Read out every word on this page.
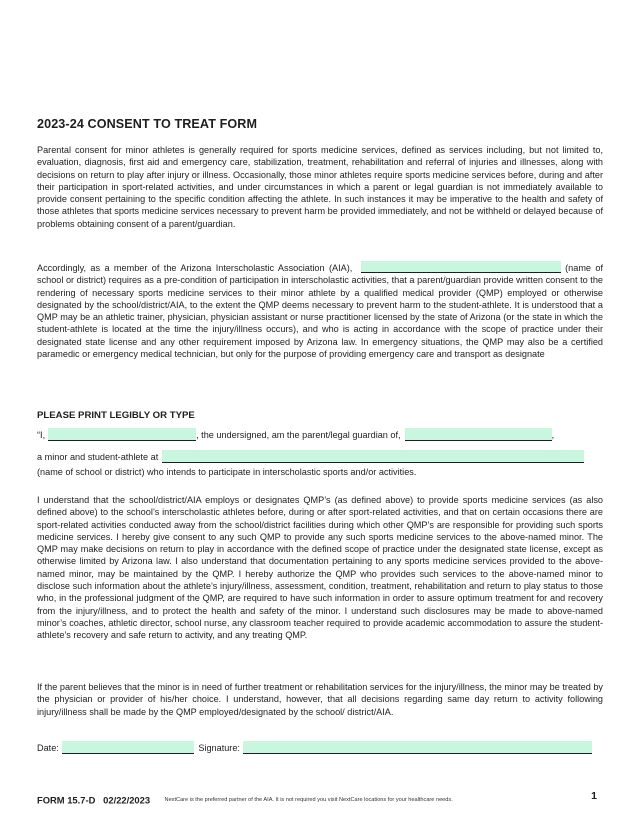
2023-24 CONSENT TO TREAT FORM

Parental consent for minor athletes is generally required for sports medicine services, defined as services including, but not limited to, evaluation, diagnosis, first aid and emergency care, stabilization, treatment, rehabilitation and referral of injuries and illnesses, along with decisions on return to play after injury or illness. Occasionally, those minor athletes require sports medicine services before, during and after their participation in sport-related activities, and under circumstances in which a parent or legal guardian is not immediately available to provide consent pertaining to the specific condition affecting the athlete. In such instances it may be imperative to the health and safety of those athletes that sports medicine services necessary to prevent harm be provided immediately, and not be withheld or delayed because of problems obtaining consent of a parent/guardian.

Accordingly, as a member of the Arizona Interscholastic Association (AIA),	(name of school or district) requires as a pre-condition of participation in interscholastic activities, that a parent/guardian provide written consent to the rendering of necessary sports medicine services to their minor athlete by a qualified medical provider (QMP) employed or otherwise designated by the school/district/AIA, to the extent the QMP deems necessary to prevent harm to the student-athlete. It is understood that a QMP may be an athletic trainer, physician, physician assistant or nurse practitioner licensed by the state of Arizona (or the state in which the student-athlete is located at the time the injury/illness occurs), and who is acting in accordance with the scope of practice under their designated state license and any other requirement imposed by Arizona law. In emergency situations, the QMP may also be a certified paramedic or emergency medical technician, but only for the purpose of providing emergency care and transport as designate

PLEASE PRINT LEGIBLY OR TYPE
“I,	, the undersigned, am the parent/legal guardian of,	,
a minor and student-athlete at
(name of school or district) who intends to participate in interscholastic sports and/or activities.

I understand that the school/district/AIA employs or designates QMP’s (as defined above) to provide sports medicine services (as also defined above) to the school’s interscholastic athletes before, during or after sport-related activities, and that on certain occasions there are sport-related activities conducted away from the school/district facilities during which other QMP’s are responsible for providing such sports medicine services. I hereby give consent to any such QMP to provide any such sports medicine services to the above-named minor. The QMP may make decisions on return to play in accordance with the defined scope of practice under the designated state license, except as otherwise limited by Arizona law. I also understand that documentation pertaining to any sports medicine services provided to the above-named minor, may be maintained by the QMP. I hereby authorize the QMP who provides such services to the above-named minor to disclose such information about the athlete’s injury/illness, assessment, condition, treatment, rehabilitation and return to play status to those who, in the professional judgment of the QMP, are required to have such information in order to assure optimum treatment for and recovery from the injury/illness, and to protect the health and safety of the minor. I understand such disclosures may be made to above-named minor’s coaches, athletic director, school nurse, any classroom teacher required to provide academic accommodation to assure the student-athlete’s recovery and safe return to activity, and any treating QMP.

If the parent believes that the minor is in need of further treatment or rehabilitation services for the injury/illness, the minor may be treated by the physician or provider of his/her choice. I understand, however, that all decisions regarding same day return to activity following injury/illness shall be made by the QMP employed/designated by the school/ district/AIA.

Date:	Signature:
FORM 15.7-D   02/22/2023	NextCare is the preferred partner of the AIA. It is not required you visit NextCare locations for your healthcare needs.	1
